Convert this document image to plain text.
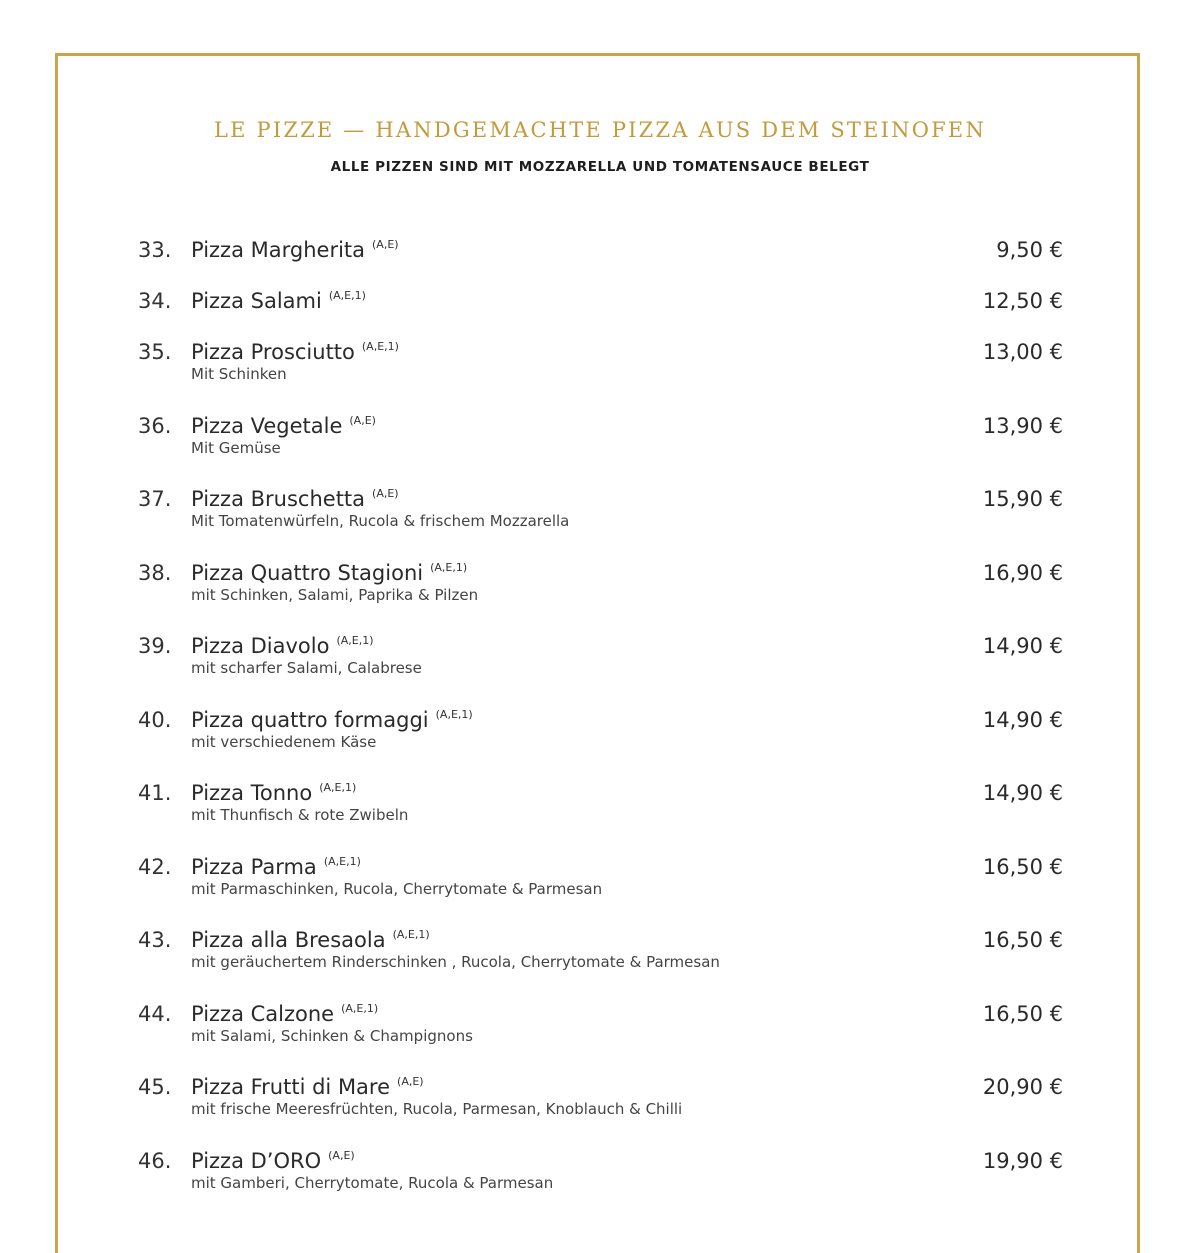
LE PIZZE — HANDGEMACHTE PIZZA AUS DEM STEINOFEN
ALLE PIZZEN SIND MIT MOZZARELLA UND TOMATENSAUCE BELEGT
33. Pizza Margherita (A,E)	9,50 €
34. Pizza Salami (A,E,1)	12,50 €
35. Pizza Prosciutto (A,E,1)	13,00 €
Mit Schinken
36. Pizza Vegetale (A,E)	13,90 €
Mit Gemüse
37. Pizza Bruschetta (A,E)	15,90 €
Mit Tomatenwürfeln, Rucola & frischem Mozzarella
38. Pizza Quattro Stagioni (A,E,1)	16,90 €
mit Schinken, Salami, Paprika & Pilzen
39. Pizza Diavolo (A,E,1)	14,90 €
mit scharfer Salami, Calabrese
40. Pizza quattro formaggi (A,E,1)	14,90 €
mit verschiedenem Käse
41. Pizza Tonno (A,E,1)	14,90 €
mit Thunfisch & rote Zwibeln
42. Pizza Parma (A,E,1)	16,50 €
mit Parmaschinken, Rucola, Cherrytomate & Parmesan
43. Pizza alla Bresaola (A,E,1)	16,50 €
mit geräuchertem Rinderschinken , Rucola, Cherrytomate & Parmesan
44. Pizza Calzone (A,E,1)	16,50 €
mit Salami, Schinken & Champignons
45. Pizza Frutti di Mare (A,E)	20,90 €
mit frische Meeresfrüchten, Rucola, Parmesan, Knoblauch & Chilli
46. Pizza D’ORO (A,E)	19,90 €
mit Gamberi, Cherrytomate, Rucola & Parmesan
